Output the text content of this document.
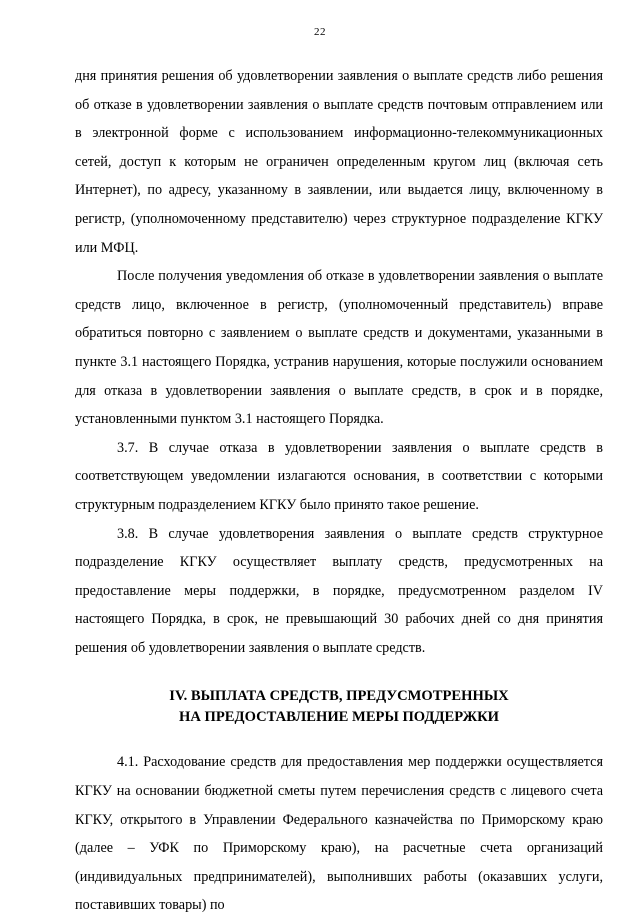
22

дня принятия решения об удовлетворении заявления о выплате средств либо решения об отказе в удовлетворении заявления о выплате средств почтовым отправлением или в электронной форме с использованием информационно-телекоммуникационных сетей, доступ к которым не ограничен определенным кругом лиц (включая сеть Интернет), по адресу, указанному в заявлении, или выдается лицу, включенному в регистр, (уполномоченному представителю) через структурное подразделение КГКУ или МФЦ.

После получения уведомления об отказе в удовлетворении заявления о выплате средств лицо, включенное в регистр, (уполномоченный представитель) вправе обратиться повторно с заявлением о выплате средств и документами, указанными в пункте 3.1 настоящего Порядка, устранив нарушения, которые послужили основанием для отказа в удовлетворении заявления о выплате средств, в срок и в порядке, установленными пунктом 3.1 настоящего Порядка.

3.7. В случае отказа в удовлетворении заявления о выплате средств в соответствующем уведомлении излагаются основания, в соответствии с которыми структурным подразделением КГКУ было принято такое решение.

3.8. В случае удовлетворения заявления о выплате средств структурное подразделение КГКУ осуществляет выплату средств, предусмотренных на предоставление меры поддержки, в порядке, предусмотренном разделом IV настоящего Порядка, в срок, не превышающий 30 рабочих дней со дня принятия решения об удовлетворении заявления о выплате средств.

IV. ВЫПЛАТА СРЕДСТВ, ПРЕДУСМОТРЕННЫХ
НА ПРЕДОСТАВЛЕНИЕ МЕРЫ ПОДДЕРЖКИ

4.1. Расходование средств для предоставления мер поддержки осуществляется КГКУ на основании бюджетной сметы путем перечисления средств с лицевого счета КГКУ, открытого в Управлении Федерального казначейства по Приморскому краю (далее – УФК по Приморскому краю), на расчетные счета организаций (индивидуальных предпринимателей), выполнивших работы (оказавших услуги, поставивших товары) по
